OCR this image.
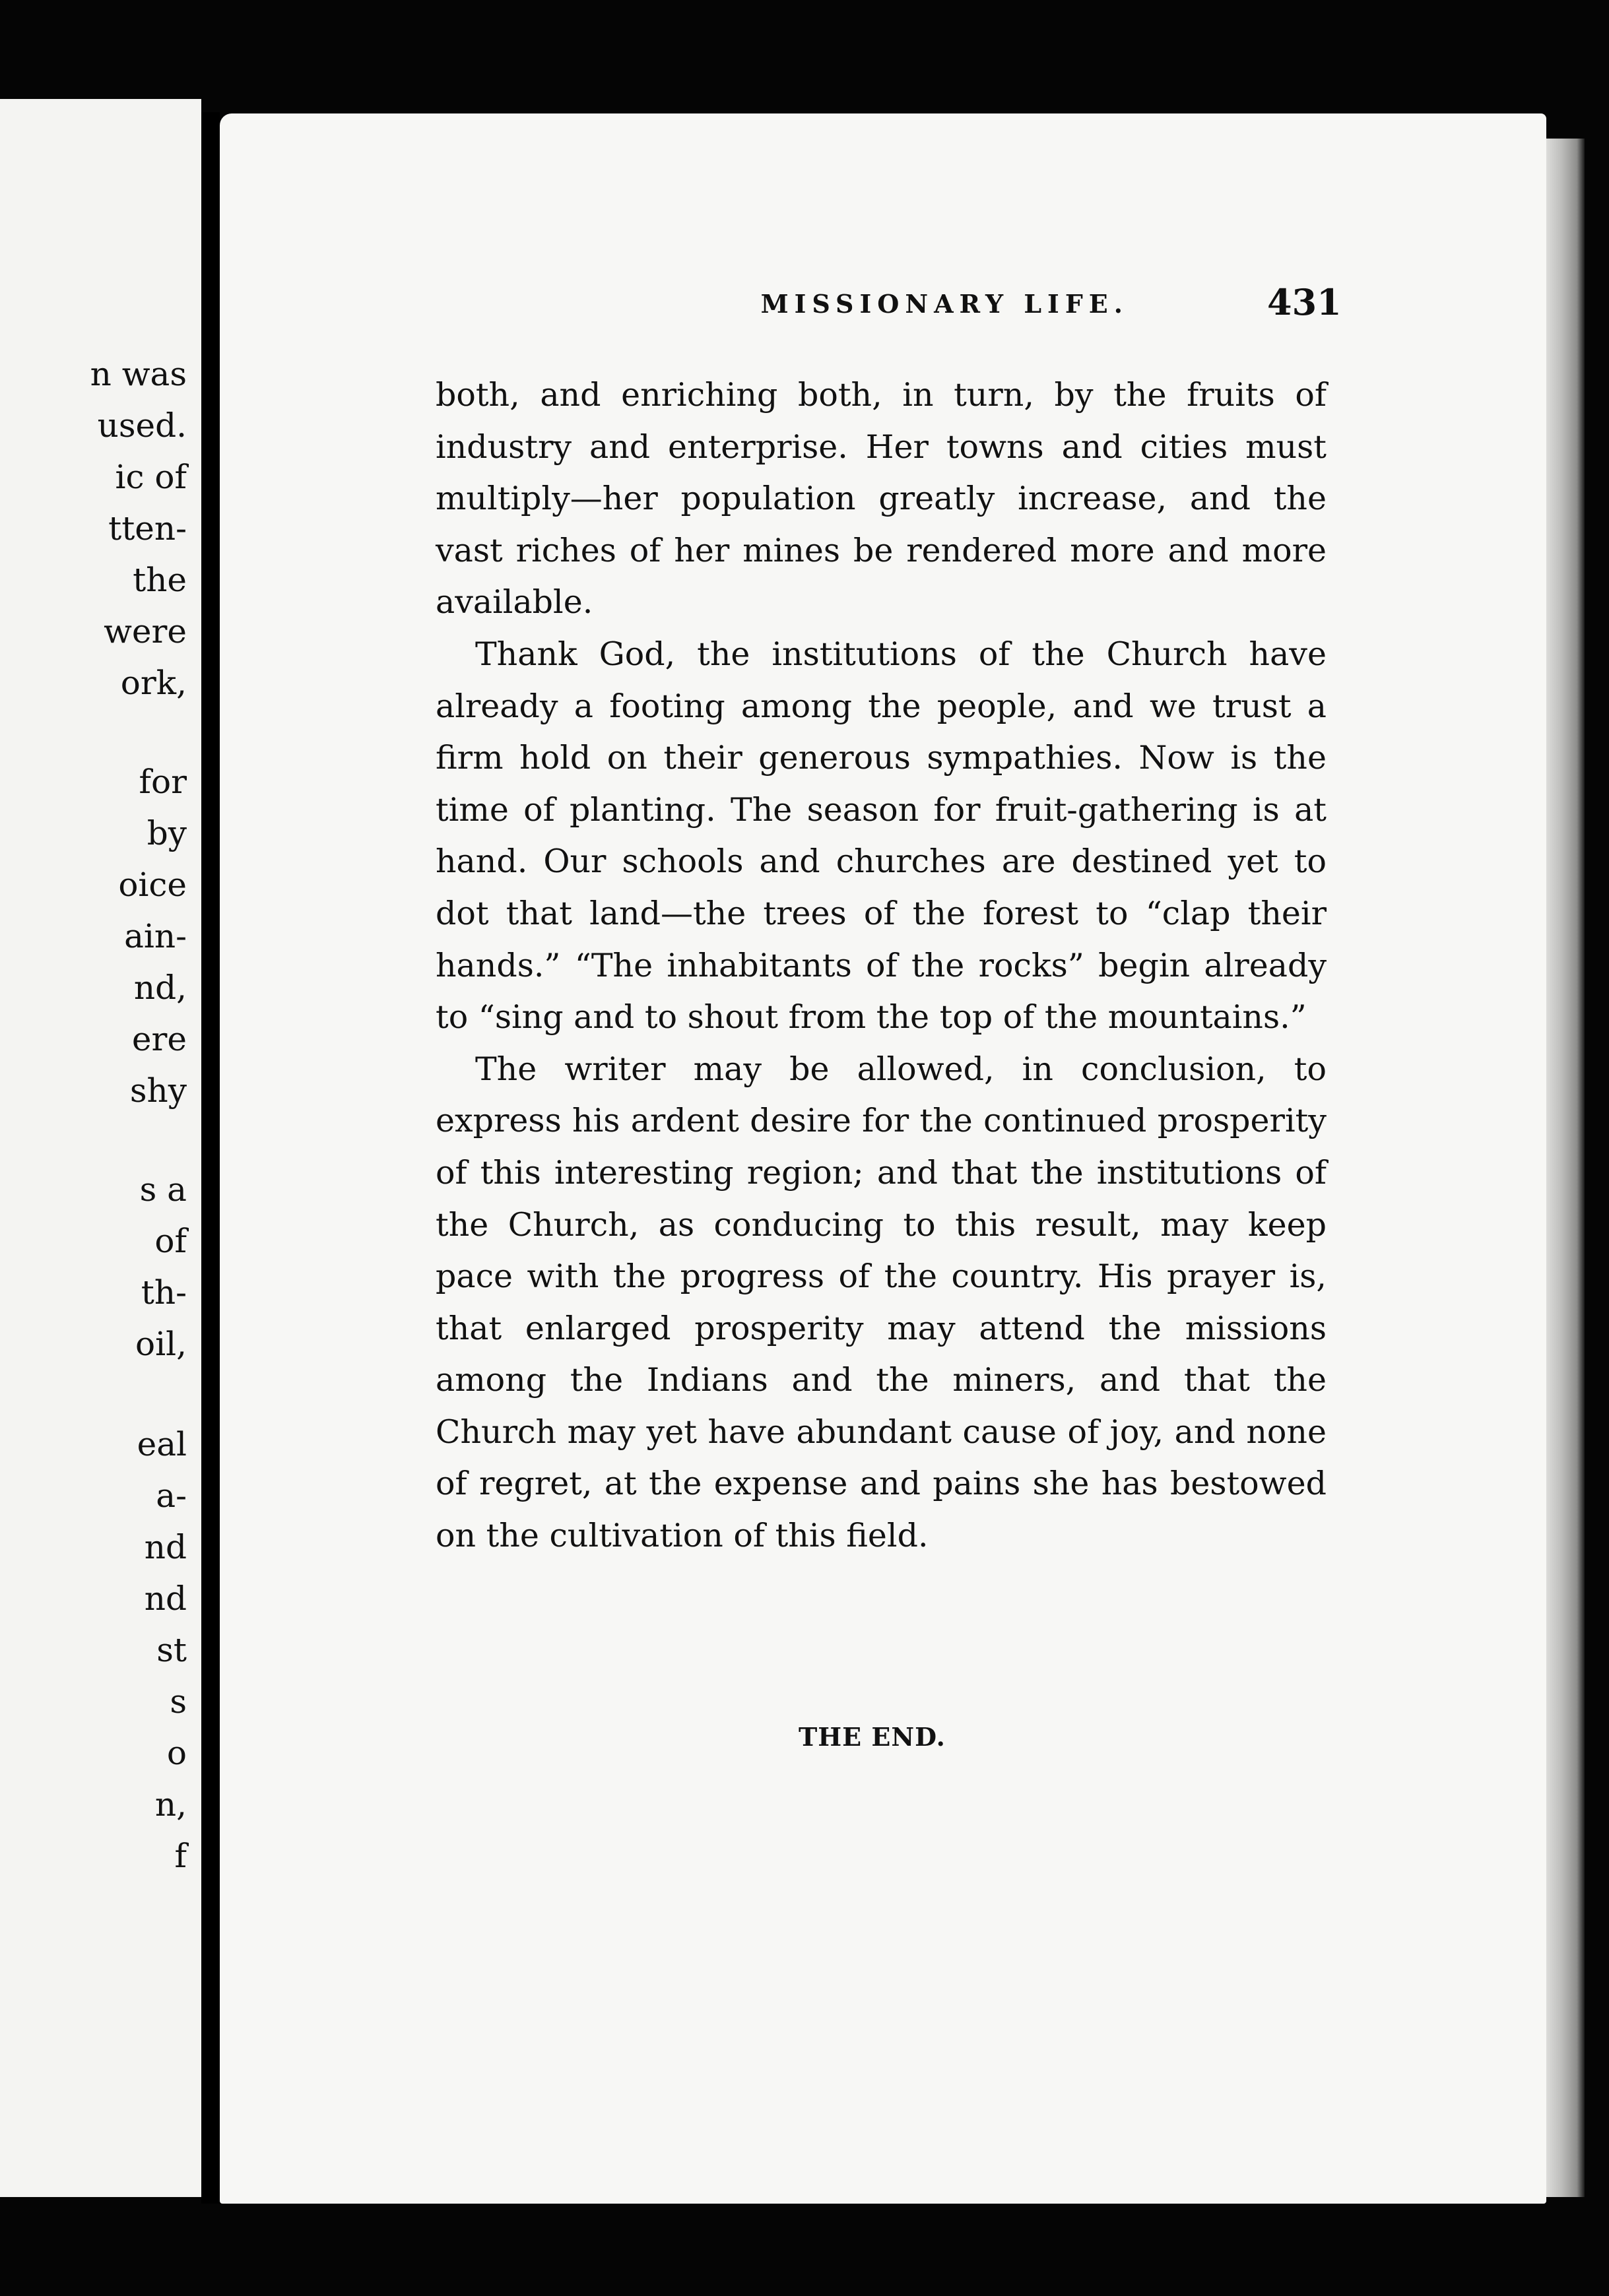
n was
used.
ic of
tten-
the
were
ork,
for
by
oice
ain-
nd,
ere
shy
s a
of
th-
oil,
eal
a-
nd
nd
st
s
o
n,
f
MISSIONARY LIFE.	431

both, and enriching both, in turn, by the fruits of industry and enterprise. Her towns and cities must multiply—her population greatly increase, and the vast riches of her mines be rendered more and more available.

Thank God, the institutions of the Church have already a footing among the people, and we trust a firm hold on their generous sympathies. Now is the time of planting. The season for fruit-gathering is at hand. Our schools and churches are destined yet to dot that land—the trees of the forest to “clap their hands.” “The inhabitants of the rocks” begin already to “sing and to shout from the top of the mountains.”

The writer may be allowed, in conclusion, to express his ardent desire for the continued prosperity of this interesting region; and that the institutions of the Church, as conducing to this result, may keep pace with the progress of the country. His prayer is, that enlarged prosperity may attend the missions among the Indians and the miners, and that the Church may yet have abundant cause of joy, and none of regret, at the expense and pains she has bestowed on the cultivation of this field.

THE END.
